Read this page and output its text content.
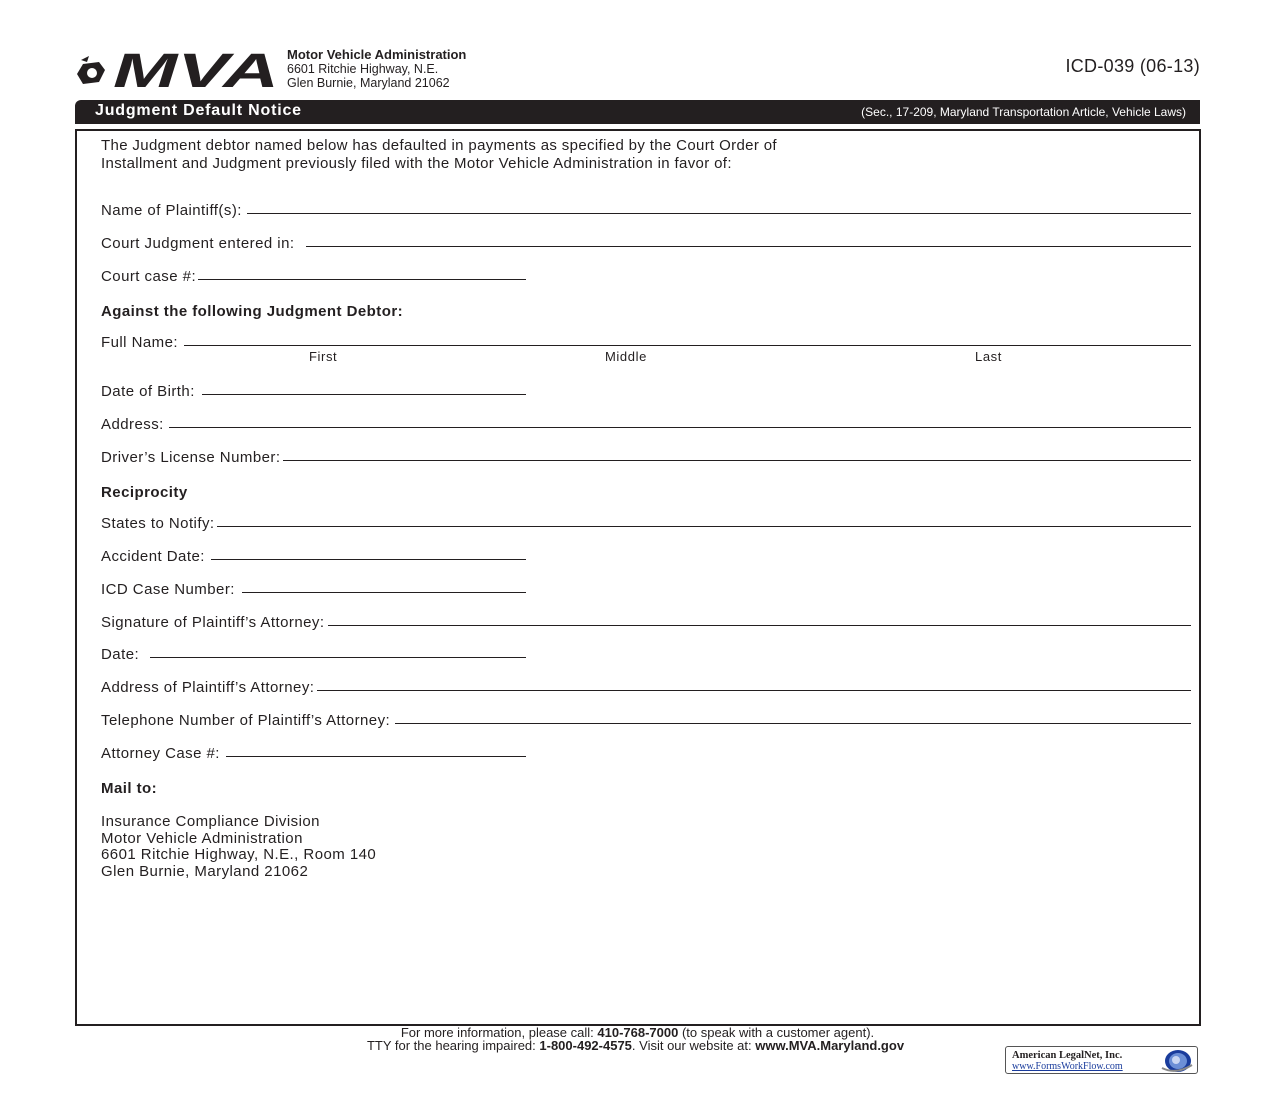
MVA Motor Vehicle Administration
6601 Ritchie Highway, N.E.
Glen Burnie, Maryland 21062
ICD-039 (06-13)
Judgment Default Notice	(Sec., 17-209, Maryland Transportation Article, Vehicle Laws)
The Judgment debtor named below has defaulted in payments as specified by the Court Order of
Installment and Judgment previously filed with the Motor Vehicle Administration in favor of:
Name of Plaintiff(s):
Court Judgment entered in:
Court case #:
Against the following Judgment Debtor:
Full Name:
First	Middle	Last
Date of Birth:
Address:
Driver’s License Number:
Reciprocity
States to Notify:
Accident Date:
ICD Case Number:
Signature of Plaintiff’s Attorney:
Date:
Address of Plaintiff’s Attorney:
Telephone Number of Plaintiff’s Attorney:
Attorney Case #:
Mail to:
Insurance Compliance Division
Motor Vehicle Administration
6601 Ritchie Highway, N.E., Room 140
Glen Burnie, Maryland 21062
For more information, please call: 410-768-7000 (to speak with a customer agent).
TTY for the hearing impaired: 1-800-492-4575. Visit our website at: www.MVA.Maryland.gov
American LegalNet, Inc.
www.FormsWorkFlow.com
